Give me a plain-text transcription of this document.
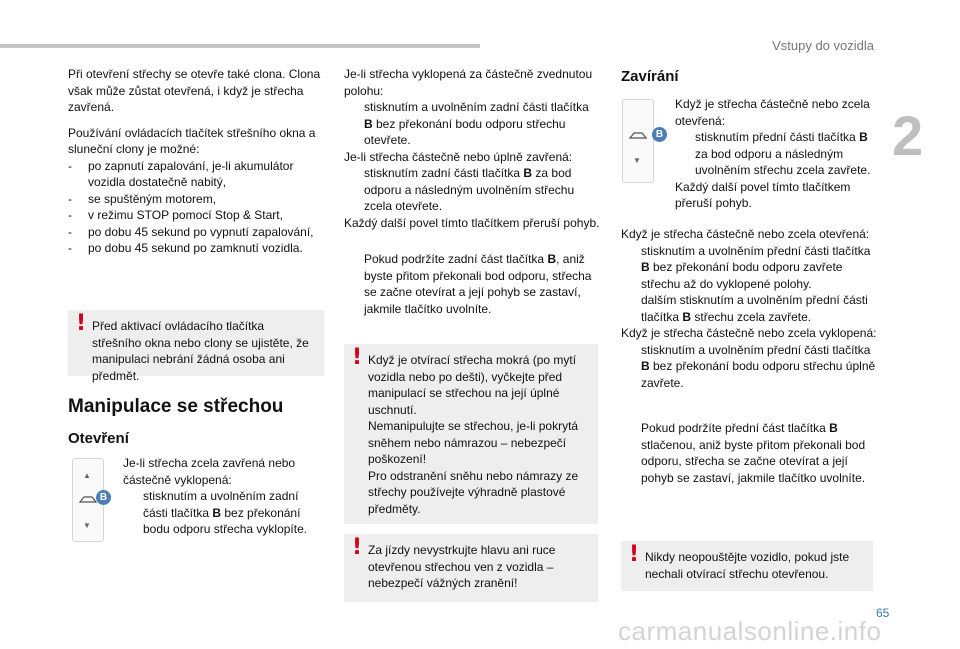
Vstupy do vozidla
2

Při otevření střechy se otevře také clona. Clona však může zůstat otevřená, i když je střecha zavřená.

Používání ovládacích tlačítek střešního okna a sluneční clony je možné:

- po zapnutí zapalování, je-li akumulátor vozidla dostatečně nabitý,
- se spuštěným motorem,
- v režimu STOP pomocí Stop & Start,
- po dobu 45 sekund po vypnutí zapalování,
- po dobu 45 sekund po zamknutí vozidla.
! Před aktivací ovládacího tlačítka střešního okna nebo clony se ujistěte, že manipulaci nebrání žádná osoba ani předmět.
Manipulace se střechou
Otevření
▲
▼
B
Je-li střecha zcela zavřená nebo částečně vyklopená:
stisknutím a uvolněním zadní části tlačítka B bez překonání bodu odporu střecha vyklopíte.
Je-li střecha vyklopená za částečně zvednutou polohu:
stisknutím a uvolněním zadní části tlačítka B bez překonání bodu odporu střechu otevřete.
Je-li střecha částečně nebo úplně zavřená:
stisknutím zadní části tlačítka B za bod odporu a následným uvolněním střechu zcela otevřete.
Každý další povel tímto tlačítkem přeruší pohyb.
Pokud podržíte zadní část tlačítka B, aniž byste přitom překonali bod odporu, střecha se začne otevírat a její pohyb se zastaví, jakmile tlačítko uvolníte.
! Když je otvírací střecha mokrá (po mytí vozidla nebo po dešti), vyčkejte před manipulací se střechou na její úplné uschnutí.
Nemanipulujte se střechou, je-li pokrytá sněhem nebo námrazou – nebezpečí poškození!
Pro odstranění sněhu nebo námrazy ze střechy používejte výhradně plastové předměty.
! Za jízdy nevystrkujte hlavu ani ruce otevřenou střechou ven z vozidla – nebezpečí vážných zranění!
Zavírání
▼
B
Když je střecha částečně nebo zcela otevřená:
stisknutím přední části tlačítka B za bod odporu a následným uvolněním střechu zcela zavřete.
Každý další povel tímto tlačítkem přeruší pohyb.
Když je střecha částečně nebo zcela otevřená:
stisknutím a uvolněním přední části tlačítka B bez překonání bodu odporu zavřete střechu až do vyklopené polohy.
dalším stisknutím a uvolněním přední části tlačítka B střechu zcela zavřete.
Když je střecha částečně nebo zcela vyklopená:
stisknutím a uvolněním přední části tlačítka B bez překonání bodu odporu střechu úplně zavřete.
Pokud podržíte přední část tlačítka B stlačenou, aniž byste přitom překonali bod odporu, střecha se začne otevírat a její pohyb se zastaví, jakmile tlačítko uvolníte.
! Nikdy neopouštějte vozidlo, pokud jste nechali otvírací střechu otevřenou.
65
carmanualsonline.info
